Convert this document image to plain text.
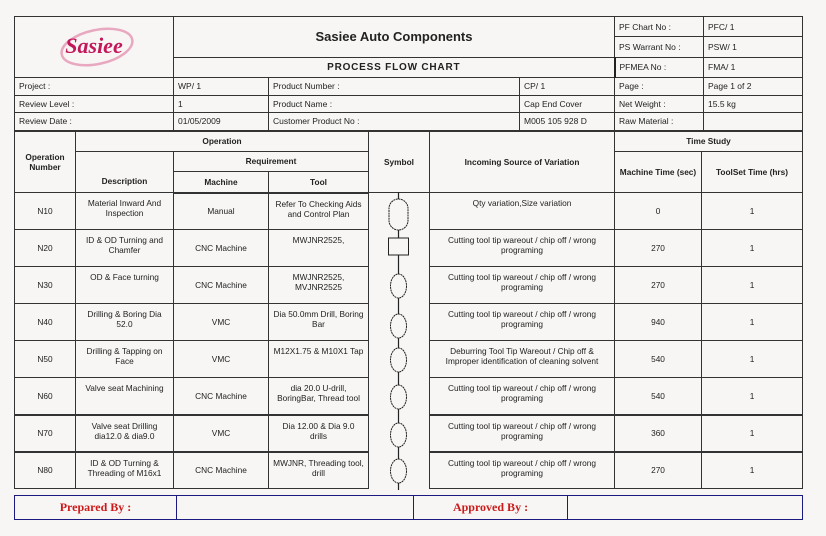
Sasiee	Sasiee Auto Components			PF Chart No :	PFC/ 1
				PS Warrant No :	PSW/ 1
	PROCESS FLOW CHART			PFMEA No :	FMA/ 1
Project :	WP/ 1	Product Number :	CP/ 1	Page :	Page 1 of 2
Review Level :	1	Product Name :	Cap End Cover	Net Weight :	15.5 kg
Review Date :	01/05/2009	Customer Product No :	M005 105 928 D	Raw Material :	
Operation Number	Operation			Symbol	Incoming Source of Variation	Time Study	
	Description	Requirement				Machine Time (sec)	ToolSet Time (hrs)
		Machine	Tool				
N10	Material Inward And Inspection	Manual	Refer To Checking Aids and Control Plan		Qty variation,Size variation	0	1
N20	ID & OD Turning and Chamfer	CNC Machine	MWJNR2525,		Cutting tool tip wareout / chip off / wrong programing	270	1
N30	OD & Face turning	CNC Machine	MWJNR2525, MVJNR2525		Cutting tool tip wareout / chip off / wrong programing	270	1
N40	Drilling & Boring Dia 52.0	VMC	Dia 50.0mm Drill, Boring Bar		Cutting tool tip wareout / chip off / wrong programing	940	1
N50	Drilling & Tapping on Face	VMC	M12X1.75 & M10X1 Tap		Deburring Tool Tip Wareout / Chip off & Improper identification of cleaning solvent	540	1
N60	Valve seat Machining	CNC Machine	dia 20.0 U-drill, BoringBar, Thread tool		Cutting tool tip wareout / chip off / wrong programing	540	1
N70	Valve seat Drilling dia12.0 & dia9.0	VMC	Dia 12.00 & Dia 9.0 drills		Cutting tool tip wareout / chip off / wrong programing	360	1
N80	ID & OD Turning & Threading of M16x1	CNC Machine	MWJNR, Threading tool, drill		Cutting tool tip wareout / chip off / wrong programing	270	1
Prepared By :		Approved By :	
